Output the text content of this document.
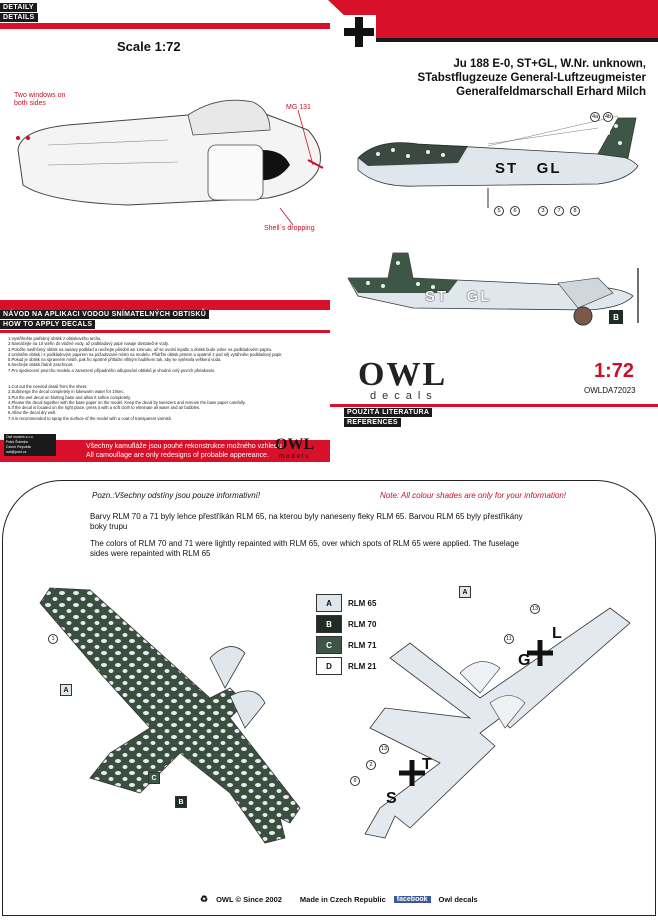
DETAILY
DETAILS
Scale 1:72
Ju 188 E-0, ST+GL, W.Nr. unknown,
STabstflugzeuze General-Luftzeugmeister
Generalfeldmarschall Erhard Milch
Two windows on both sides
MG 131
Shell´s dropping
ST   GL
4a	4b
5	6	3	7	8
ST   GL
B
NÁVOD NA APLIKACI VODOU SNÍMATELNÝCH OBTISKŮ
HOW TO APPLY DECALS
1.Vystřihněte potřebný obtisk z obtiskového archu.
2.Namáčejte na 10 vteřin do vlažné vody, až podkladový papir nasaje dostatečné vody.
3.Položte navlhčený obtisk na nasavy podklad a nechejte působit asi 1minutu, až se uvolní lepidlo a obtisk bude volne na podkladovém papiru.
4.Umistěte obtisk i s podkladovým papirem na požadované místo na modelu. Přidržte obtisk prstem a opatrně z pod něj vytáhněte podkladový papir.
5.Pokud je obtisk na spravném místě, pak ho opatrně přitlačte vlhkým hadrikem tak, aby se vytěsnila veškerá voda.
6.Nechejte obtisk řádně zaschnout.
7.Pro sjednocení povrchu modelu a zamezení případného odlupování obtisků je vhodné celý povrch přelakovat.
1.Cut out the needed detail from the sheet.
2.Submerge the decal completely in lukewarm water for 10sec.
3.Put the wet decal on blotting base and allow it soften completely.
4.Please the decal together with the base paper on the model. Keep the decal by tweezers and remove the base paper carefully.
5.If the decal is located on the right place, press it with a soft cloth to eliminate all water and air bubbles.
6.Allow the decal dry well.
7.It is recommended to spray the surface of the model with a coat of transparent varnish.
OWL
decals
1:72
OWLDA72023
POUŽITÁ LITERATURA
REFERENCES
Owl models s.r.o.
Fráni Šrámka
Czech Republic
owl@post.cz
Všechny kamufláže jsou pouhé rekonstrukce možného vzhledu
All camouflage are only redesigns of probable appereance.
OWL
models
Pozn.:Všechny odstíny jsou pouze informativní!	Note: All colour shades are only for your information!
Barvy RLM 70 a 71 byly lehce přestříkán RLM 65, na kterou byly naneseny fleky RLM 65. Barvou RLM 65 byly přestříkány boky trupu
The colors of RLM 70 and 71 were lightly repainted with RLM 65, over which spots of RLM 65 were applied. The fuselage sides were repainted with RLM 65
A	RLM 65
B	RLM 70
C	RLM 71
D	RLM 21
1
A
C
B
G
L
S
T
A
13
11
13
2
9
♻ OWL © Since 2002 Made in Czech Republic	facebook	Owl decals
